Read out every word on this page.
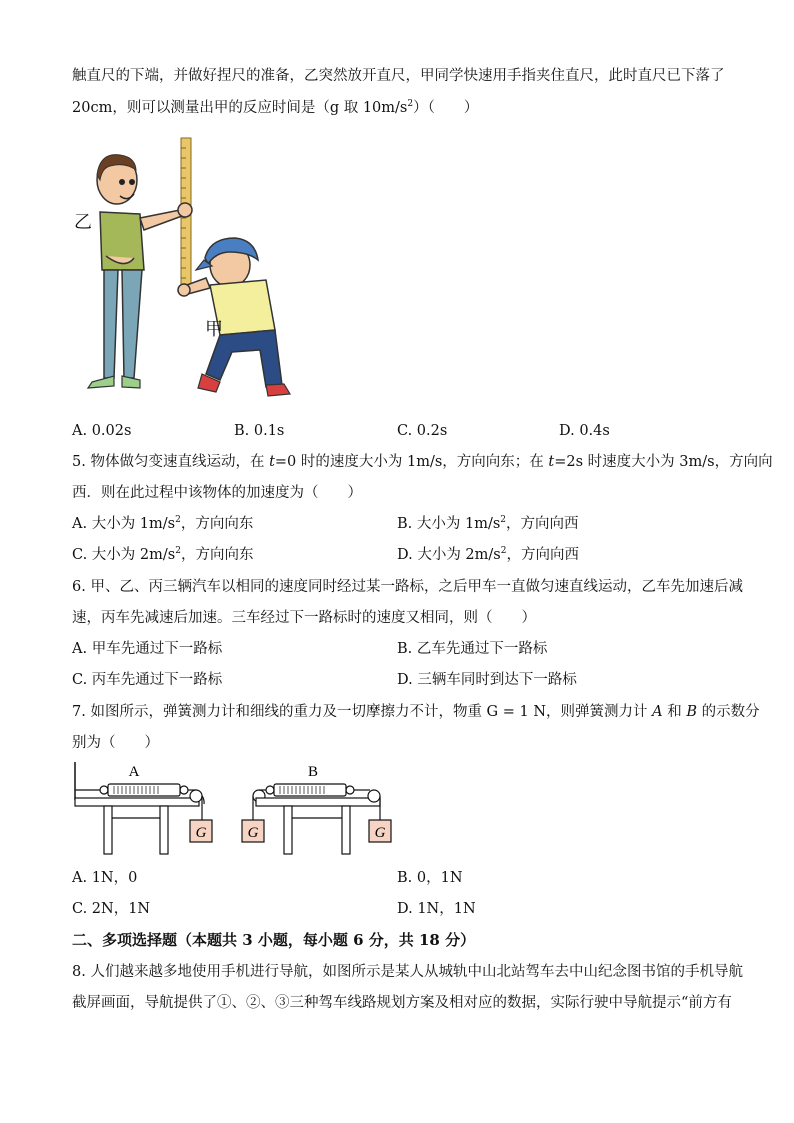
触直尺的下端，并做好捏尺的准备，乙突然放开直尺，甲同学快速用手指夹住直尺，此时直尺已下落了
20cm，则可以测量出甲的反应时间是（g 取 $10m/s^2$）（　　）
乙
甲
A. 0.02s	B. 0.1s	C. 0.2s	D. 0.4s
5. 物体做匀变速直线运动，在 t=0 时的速度大小为 1m/s，方向向东；在 t=2s 时速度大小为 3m/s，方向向
西．则在此过程中该物体的加速度为（　　）
A. 大小为 $1m/s^2$，方向向东	B. 大小为 $1m/s^2$，方向向西
C. 大小为 $2m/s^2$，方向向东	D. 大小为 $2m/s^2$，方向向西
6. 甲、乙、丙三辆汽车以相同的速度同时经过某一路标，之后甲车一直做匀速直线运动，乙车先加速后减
速，丙车先减速后加速。三车经过下一路标时的速度又相同，则（　　）
A. 甲车先通过下一路标	B. 乙车先通过下一路标
C. 丙车先通过下一路标	D. 三辆车同时到达下一路标
7. 如图所示，弹簧测力计和细线的重力及一切摩擦力不计，物重 G = 1 N，则弹簧测力计 A 和 B 的示数分
别为（　　）
G
A
G	G
B
A. 1N，0	B. 0，1N
C. 2N，1N	D. 1N，1N
二、多项选择题（本题共 3 小题，每小题 6 分，共 18 分）
8. 人们越来越多地使用手机进行导航，如图所示是某人从城轨中山北站驾车去中山纪念图书馆的手机导航
截屏画面，导航提供了①、②、③三种驾车线路规划方案及相对应的数据，实际行驶中导航提示“前方有
